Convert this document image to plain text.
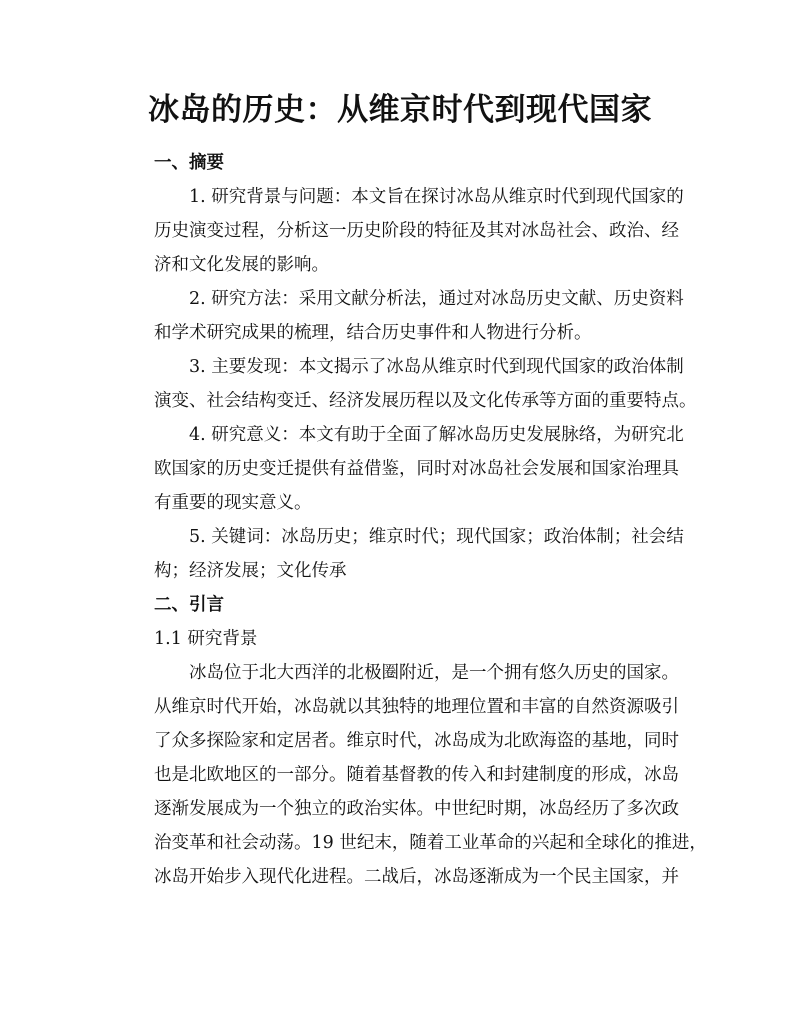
冰岛的历史：从维京时代到现代国家
一、摘要
1. 研究背景与问题：本文旨在探讨冰岛从维京时代到现代国家的
历史演变过程，分析这一历史阶段的特征及其对冰岛社会、政治、经
济和文化发展的影响。
2. 研究方法：采用文献分析法，通过对冰岛历史文献、历史资料
和学术研究成果的梳理，结合历史事件和人物进行分析。
3. 主要发现：本文揭示了冰岛从维京时代到现代国家的政治体制
演变、社会结构变迁、经济发展历程以及文化传承等方面的重要特点。
4. 研究意义：本文有助于全面了解冰岛历史发展脉络，为研究北
欧国家的历史变迁提供有益借鉴，同时对冰岛社会发展和国家治理具
有重要的现实意义。
5. 关键词：冰岛历史；维京时代；现代国家；政治体制；社会结
构；经济发展；文化传承
二、引言
1.1 研究背景
冰岛位于北大西洋的北极圈附近，是一个拥有悠久历史的国家。
从维京时代开始，冰岛就以其独特的地理位置和丰富的自然资源吸引
了众多探险家和定居者。维京时代，冰岛成为北欧海盗的基地，同时
也是北欧地区的一部分。随着基督教的传入和封建制度的形成，冰岛
逐渐发展成为一个独立的政治实体。中世纪时期，冰岛经历了多次政
治变革和社会动荡。19 世纪末，随着工业革命的兴起和全球化的推进，
冰岛开始步入现代化进程。二战后，冰岛逐渐成为一个民主国家，并
